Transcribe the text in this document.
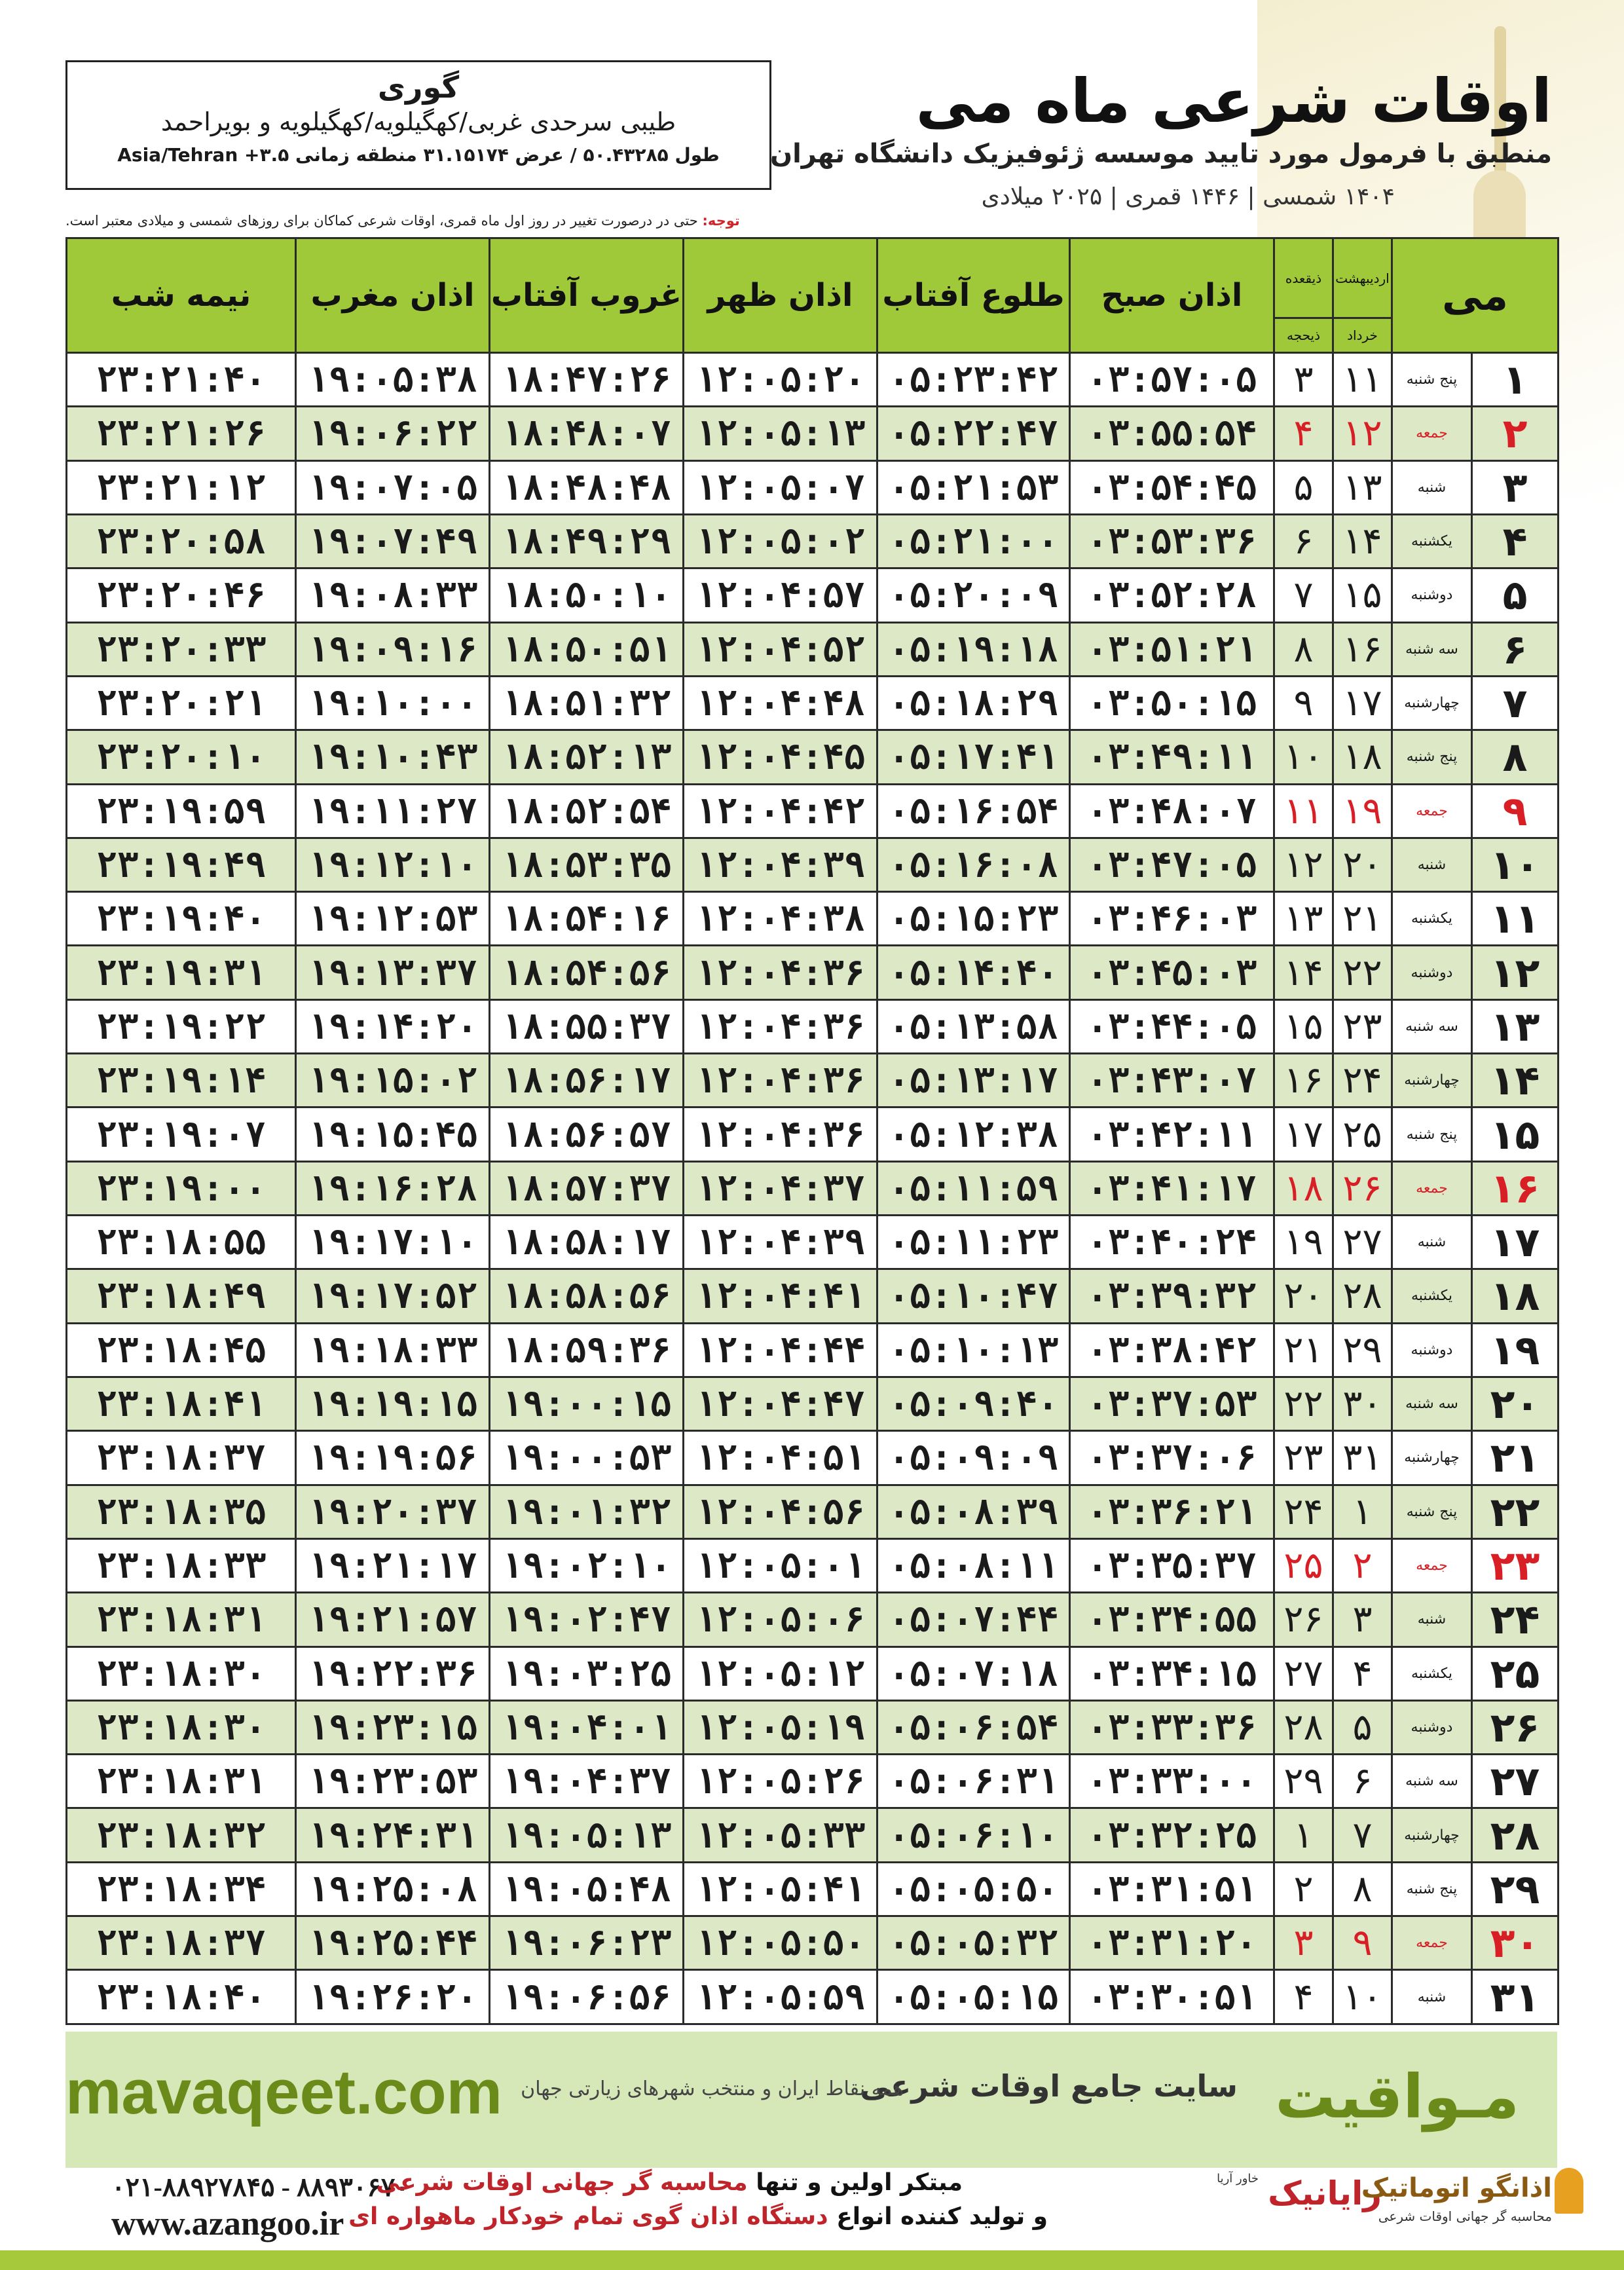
گوری
طیبی سرحدی غربی/کهگیلویه/کهگیلویه و بویراحمد
طول ۵۰.۴۳۲۸۵ / عرض ۳۱.۱۵۱۷۴ منطقه زمانی ۳.۵+ Asia/Tehran
اوقات شرعی ماه می
منطبق با فرمول مورد تایید موسسه ژئوفیزیک دانشگاه تهران
۱۴۰۴ شمسی | ۱۴۴۶ قمری | ۲۰۲۵ میلادی
توجه: حتی در درصورت تغییر در روز اول ماه قمری، اوقات شرعی کماکان برای روزهای شمسی و میلادی معتبر است.
می		اردیبهشت	ذیقعده	اذان صبح	طلوع آفتاب	اذان ظهر	غروب آفتاب	اذان مغرب	نیمه شب
		خرداد	ذیحجه						
۱	پنج شنبه	۱۱	۳	۰۳:۵۷:۰۵	۰۵:۲۳:۴۲	۱۲:۰۵:۲۰	۱۸:۴۷:۲۶	۱۹:۰۵:۳۸	۲۳:۲۱:۴۰
۲	جمعه	۱۲	۴	۰۳:۵۵:۵۴	۰۵:۲۲:۴۷	۱۲:۰۵:۱۳	۱۸:۴۸:۰۷	۱۹:۰۶:۲۲	۲۳:۲۱:۲۶
۳	شنبه	۱۳	۵	۰۳:۵۴:۴۵	۰۵:۲۱:۵۳	۱۲:۰۵:۰۷	۱۸:۴۸:۴۸	۱۹:۰۷:۰۵	۲۳:۲۱:۱۲
۴	یکشنبه	۱۴	۶	۰۳:۵۳:۳۶	۰۵:۲۱:۰۰	۱۲:۰۵:۰۲	۱۸:۴۹:۲۹	۱۹:۰۷:۴۹	۲۳:۲۰:۵۸
۵	دوشنبه	۱۵	۷	۰۳:۵۲:۲۸	۰۵:۲۰:۰۹	۱۲:۰۴:۵۷	۱۸:۵۰:۱۰	۱۹:۰۸:۳۳	۲۳:۲۰:۴۶
۶	سه شنبه	۱۶	۸	۰۳:۵۱:۲۱	۰۵:۱۹:۱۸	۱۲:۰۴:۵۲	۱۸:۵۰:۵۱	۱۹:۰۹:۱۶	۲۳:۲۰:۳۳
۷	چهارشنبه	۱۷	۹	۰۳:۵۰:۱۵	۰۵:۱۸:۲۹	۱۲:۰۴:۴۸	۱۸:۵۱:۳۲	۱۹:۱۰:۰۰	۲۳:۲۰:۲۱
۸	پنج شنبه	۱۸	۱۰	۰۳:۴۹:۱۱	۰۵:۱۷:۴۱	۱۲:۰۴:۴۵	۱۸:۵۲:۱۳	۱۹:۱۰:۴۳	۲۳:۲۰:۱۰
۹	جمعه	۱۹	۱۱	۰۳:۴۸:۰۷	۰۵:۱۶:۵۴	۱۲:۰۴:۴۲	۱۸:۵۲:۵۴	۱۹:۱۱:۲۷	۲۳:۱۹:۵۹
۱۰	شنبه	۲۰	۱۲	۰۳:۴۷:۰۵	۰۵:۱۶:۰۸	۱۲:۰۴:۳۹	۱۸:۵۳:۳۵	۱۹:۱۲:۱۰	۲۳:۱۹:۴۹
۱۱	یکشنبه	۲۱	۱۳	۰۳:۴۶:۰۳	۰۵:۱۵:۲۳	۱۲:۰۴:۳۸	۱۸:۵۴:۱۶	۱۹:۱۲:۵۳	۲۳:۱۹:۴۰
۱۲	دوشنبه	۲۲	۱۴	۰۳:۴۵:۰۳	۰۵:۱۴:۴۰	۱۲:۰۴:۳۶	۱۸:۵۴:۵۶	۱۹:۱۳:۳۷	۲۳:۱۹:۳۱
۱۳	سه شنبه	۲۳	۱۵	۰۳:۴۴:۰۵	۰۵:۱۳:۵۸	۱۲:۰۴:۳۶	۱۸:۵۵:۳۷	۱۹:۱۴:۲۰	۲۳:۱۹:۲۲
۱۴	چهارشنبه	۲۴	۱۶	۰۳:۴۳:۰۷	۰۵:۱۳:۱۷	۱۲:۰۴:۳۶	۱۸:۵۶:۱۷	۱۹:۱۵:۰۲	۲۳:۱۹:۱۴
۱۵	پنج شنبه	۲۵	۱۷	۰۳:۴۲:۱۱	۰۵:۱۲:۳۸	۱۲:۰۴:۳۶	۱۸:۵۶:۵۷	۱۹:۱۵:۴۵	۲۳:۱۹:۰۷
۱۶	جمعه	۲۶	۱۸	۰۳:۴۱:۱۷	۰۵:۱۱:۵۹	۱۲:۰۴:۳۷	۱۸:۵۷:۳۷	۱۹:۱۶:۲۸	۲۳:۱۹:۰۰
۱۷	شنبه	۲۷	۱۹	۰۳:۴۰:۲۴	۰۵:۱۱:۲۳	۱۲:۰۴:۳۹	۱۸:۵۸:۱۷	۱۹:۱۷:۱۰	۲۳:۱۸:۵۵
۱۸	یکشنبه	۲۸	۲۰	۰۳:۳۹:۳۲	۰۵:۱۰:۴۷	۱۲:۰۴:۴۱	۱۸:۵۸:۵۶	۱۹:۱۷:۵۲	۲۳:۱۸:۴۹
۱۹	دوشنبه	۲۹	۲۱	۰۳:۳۸:۴۲	۰۵:۱۰:۱۳	۱۲:۰۴:۴۴	۱۸:۵۹:۳۶	۱۹:۱۸:۳۳	۲۳:۱۸:۴۵
۲۰	سه شنبه	۳۰	۲۲	۰۳:۳۷:۵۳	۰۵:۰۹:۴۰	۱۲:۰۴:۴۷	۱۹:۰۰:۱۵	۱۹:۱۹:۱۵	۲۳:۱۸:۴۱
۲۱	چهارشنبه	۳۱	۲۳	۰۳:۳۷:۰۶	۰۵:۰۹:۰۹	۱۲:۰۴:۵۱	۱۹:۰۰:۵۳	۱۹:۱۹:۵۶	۲۳:۱۸:۳۷
۲۲	پنج شنبه	۱	۲۴	۰۳:۳۶:۲۱	۰۵:۰۸:۳۹	۱۲:۰۴:۵۶	۱۹:۰۱:۳۲	۱۹:۲۰:۳۷	۲۳:۱۸:۳۵
۲۳	جمعه	۲	۲۵	۰۳:۳۵:۳۷	۰۵:۰۸:۱۱	۱۲:۰۵:۰۱	۱۹:۰۲:۱۰	۱۹:۲۱:۱۷	۲۳:۱۸:۳۳
۲۴	شنبه	۳	۲۶	۰۳:۳۴:۵۵	۰۵:۰۷:۴۴	۱۲:۰۵:۰۶	۱۹:۰۲:۴۷	۱۹:۲۱:۵۷	۲۳:۱۸:۳۱
۲۵	یکشنبه	۴	۲۷	۰۳:۳۴:۱۵	۰۵:۰۷:۱۸	۱۲:۰۵:۱۲	۱۹:۰۳:۲۵	۱۹:۲۲:۳۶	۲۳:۱۸:۳۰
۲۶	دوشنبه	۵	۲۸	۰۳:۳۳:۳۶	۰۵:۰۶:۵۴	۱۲:۰۵:۱۹	۱۹:۰۴:۰۱	۱۹:۲۳:۱۵	۲۳:۱۸:۳۰
۲۷	سه شنبه	۶	۲۹	۰۳:۳۳:۰۰	۰۵:۰۶:۳۱	۱۲:۰۵:۲۶	۱۹:۰۴:۳۷	۱۹:۲۳:۵۳	۲۳:۱۸:۳۱
۲۸	چهارشنبه	۷	۱	۰۳:۳۲:۲۵	۰۵:۰۶:۱۰	۱۲:۰۵:۳۳	۱۹:۰۵:۱۳	۱۹:۲۴:۳۱	۲۳:۱۸:۳۲
۲۹	پنج شنبه	۸	۲	۰۳:۳۱:۵۱	۰۵:۰۵:۵۰	۱۲:۰۵:۴۱	۱۹:۰۵:۴۸	۱۹:۲۵:۰۸	۲۳:۱۸:۳۴
۳۰	جمعه	۹	۳	۰۳:۳۱:۲۰	۰۵:۰۵:۳۲	۱۲:۰۵:۵۰	۱۹:۰۶:۲۳	۱۹:۲۵:۴۴	۲۳:۱۸:۳۷
۳۱	شنبه	۱۰	۴	۰۳:۳۰:۵۱	۰۵:۰۵:۱۵	۱۲:۰۵:۵۹	۱۹:۰۶:۵۶	۱۹:۲۶:۲۰	۲۳:۱۸:۴۰
mavaqeet.com	مـواقیت
سایت جامع اوقات شرعی
همه نقاط ایران و منتخب شهرهای زیارتی جهان
۰۲۱-۸۸۹۲۷۸۴۵ - ۸۸۹۳۰۶۷۰
www.azangoo.ir
مبتکر اولین و تنها محاسبه گر جهانی اوقات شرعی
و تولید کننده انواع دستگاه اذان گوی تمام خودکار ماهواره ای
رایانیک
خاور آریا	اذانگو اتوماتیک
محاسبه گر جهانی اوقات شرعی
